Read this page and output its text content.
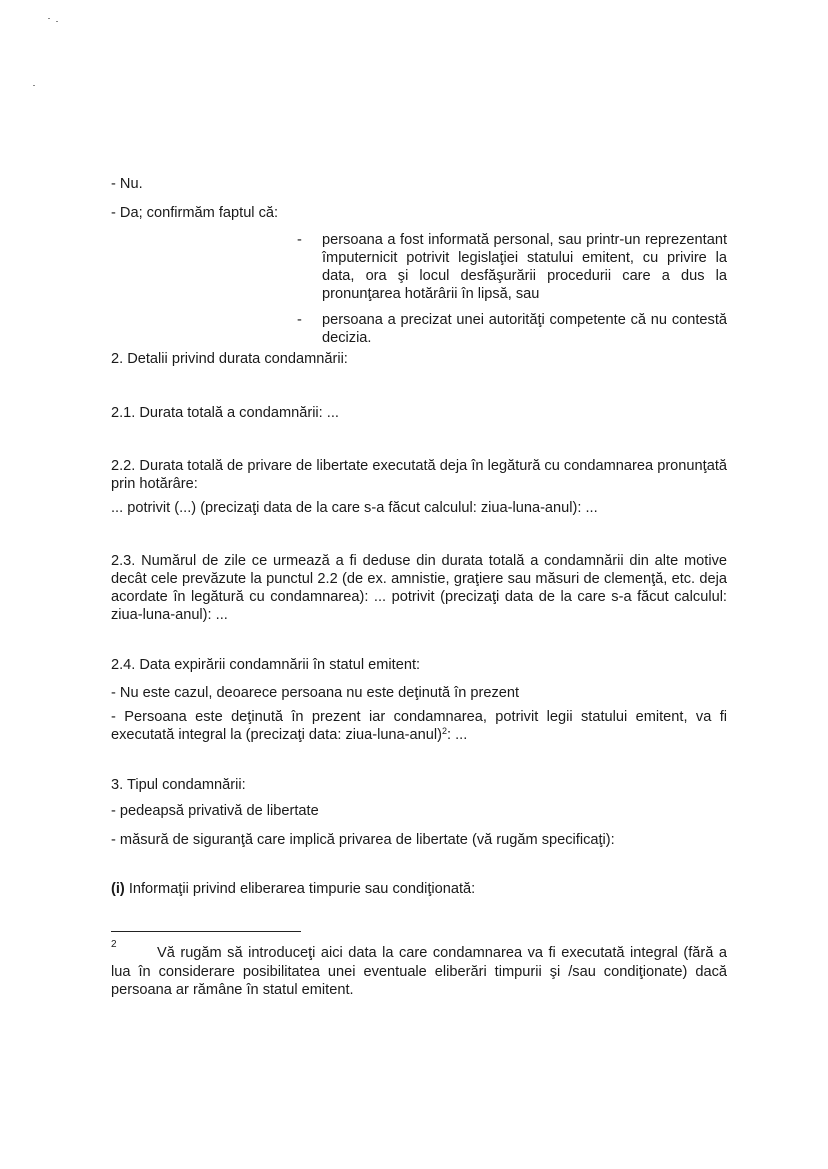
- Nu.
- Da; confirmăm faptul că:
-	persoana a fost informată personal, sau printr-un reprezentant împuternicit potrivit legislaţiei statului emitent, cu privire la data, ora şi locul desfăşurării procedurii care a dus la pronunţarea hotărârii în lipsă, sau
-	persoana a precizat unei autorităţi competente că nu contestă decizia.
2. Detalii privind durata condamnării:
2.1. Durata totală a condamnării: ...
2.2. Durata totală de privare de libertate executată deja în legătură cu condamnarea pronunţată prin hotărâre:
... potrivit (...) (precizaţi data de la care s-a făcut calculul: ziua-luna-anul): ...
2.3. Numărul de zile ce urmează a fi deduse din durata totală a condamnării din alte motive decât cele prevăzute la punctul 2.2 (de ex. amnistie, graţiere sau măsuri de clemenţă, etc. deja acordate în legătură cu condamnarea): ... potrivit (precizaţi data de la care s-a făcut calculul: ziua-luna-anul): ...
2.4. Data expirării condamnării în statul emitent:
- Nu este cazul, deoarece persoana nu este deţinută în prezent
- Persoana este deţinută în prezent iar condamnarea, potrivit legii statului emitent, va fi executată integral la (precizaţi data: ziua-luna-anul)$^2$: ...
3. Tipul condamnării:
- pedeapsă privativă de libertate
- măsură de siguranţă care implică privarea de libertate (vă rugăm specificaţi):
(i) Informaţii privind eliberarea timpurie sau condiţionată:
2
Vă rugăm să introduceţi aici data la care condamnarea va fi executată integral (fără a lua în considerare posibilitatea unei eventuale eliberări timpurii şi /sau condiţionate) dacă persoana ar rămâne în statul emitent.
